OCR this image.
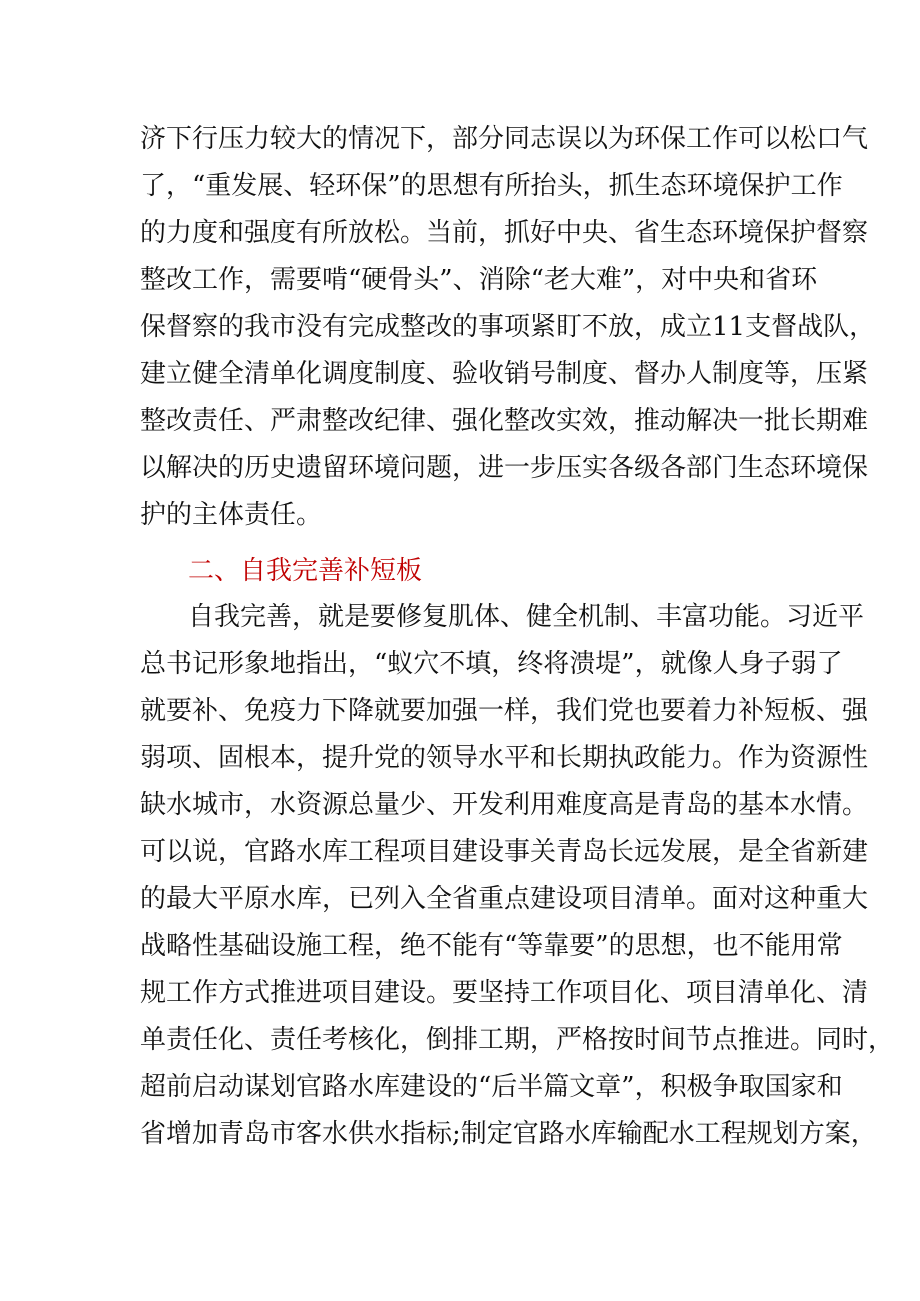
济下行压力较大的情况下，部分同志误以为环保工作可以松口气
了，“重发展、轻环保”的思想有所抬头，抓生态环境保护工作
的力度和强度有所放松。当前，抓好中央、省生态环境保护督察
整改工作，需要啃“硬骨头”、消除“老大难”，对中央和省环
保督察的我市没有完成整改的事项紧盯不放，成立11支督战队，
建立健全清单化调度制度、验收销号制度、督办人制度等，压紧
整改责任、严肃整改纪律、强化整改实效，推动解决一批长期难
以解决的历史遗留环境问题，进一步压实各级各部门生态环境保
护的主体责任。
二、自我完善补短板
自我完善，就是要修复肌体、健全机制、丰富功能。习近平
总书记形象地指出，“蚁穴不填，终将溃堤”，就像人身子弱了
就要补、免疫力下降就要加强一样，我们党也要着力补短板、强
弱项、固根本，提升党的领导水平和长期执政能力。作为资源性
缺水城市，水资源总量少、开发利用难度高是青岛的基本水情。
可以说，官路水库工程项目建设事关青岛长远发展，是全省新建
的最大平原水库，已列入全省重点建设项目清单。面对这种重大
战略性基础设施工程，绝不能有“等靠要”的思想，也不能用常
规工作方式推进项目建设。要坚持工作项目化、项目清单化、清
单责任化、责任考核化，倒排工期，严格按时间节点推进。同时，
超前启动谋划官路水库建设的“后半篇文章”，积极争取国家和
省增加青岛市客水供水指标;制定官路水库输配水工程规划方案，
